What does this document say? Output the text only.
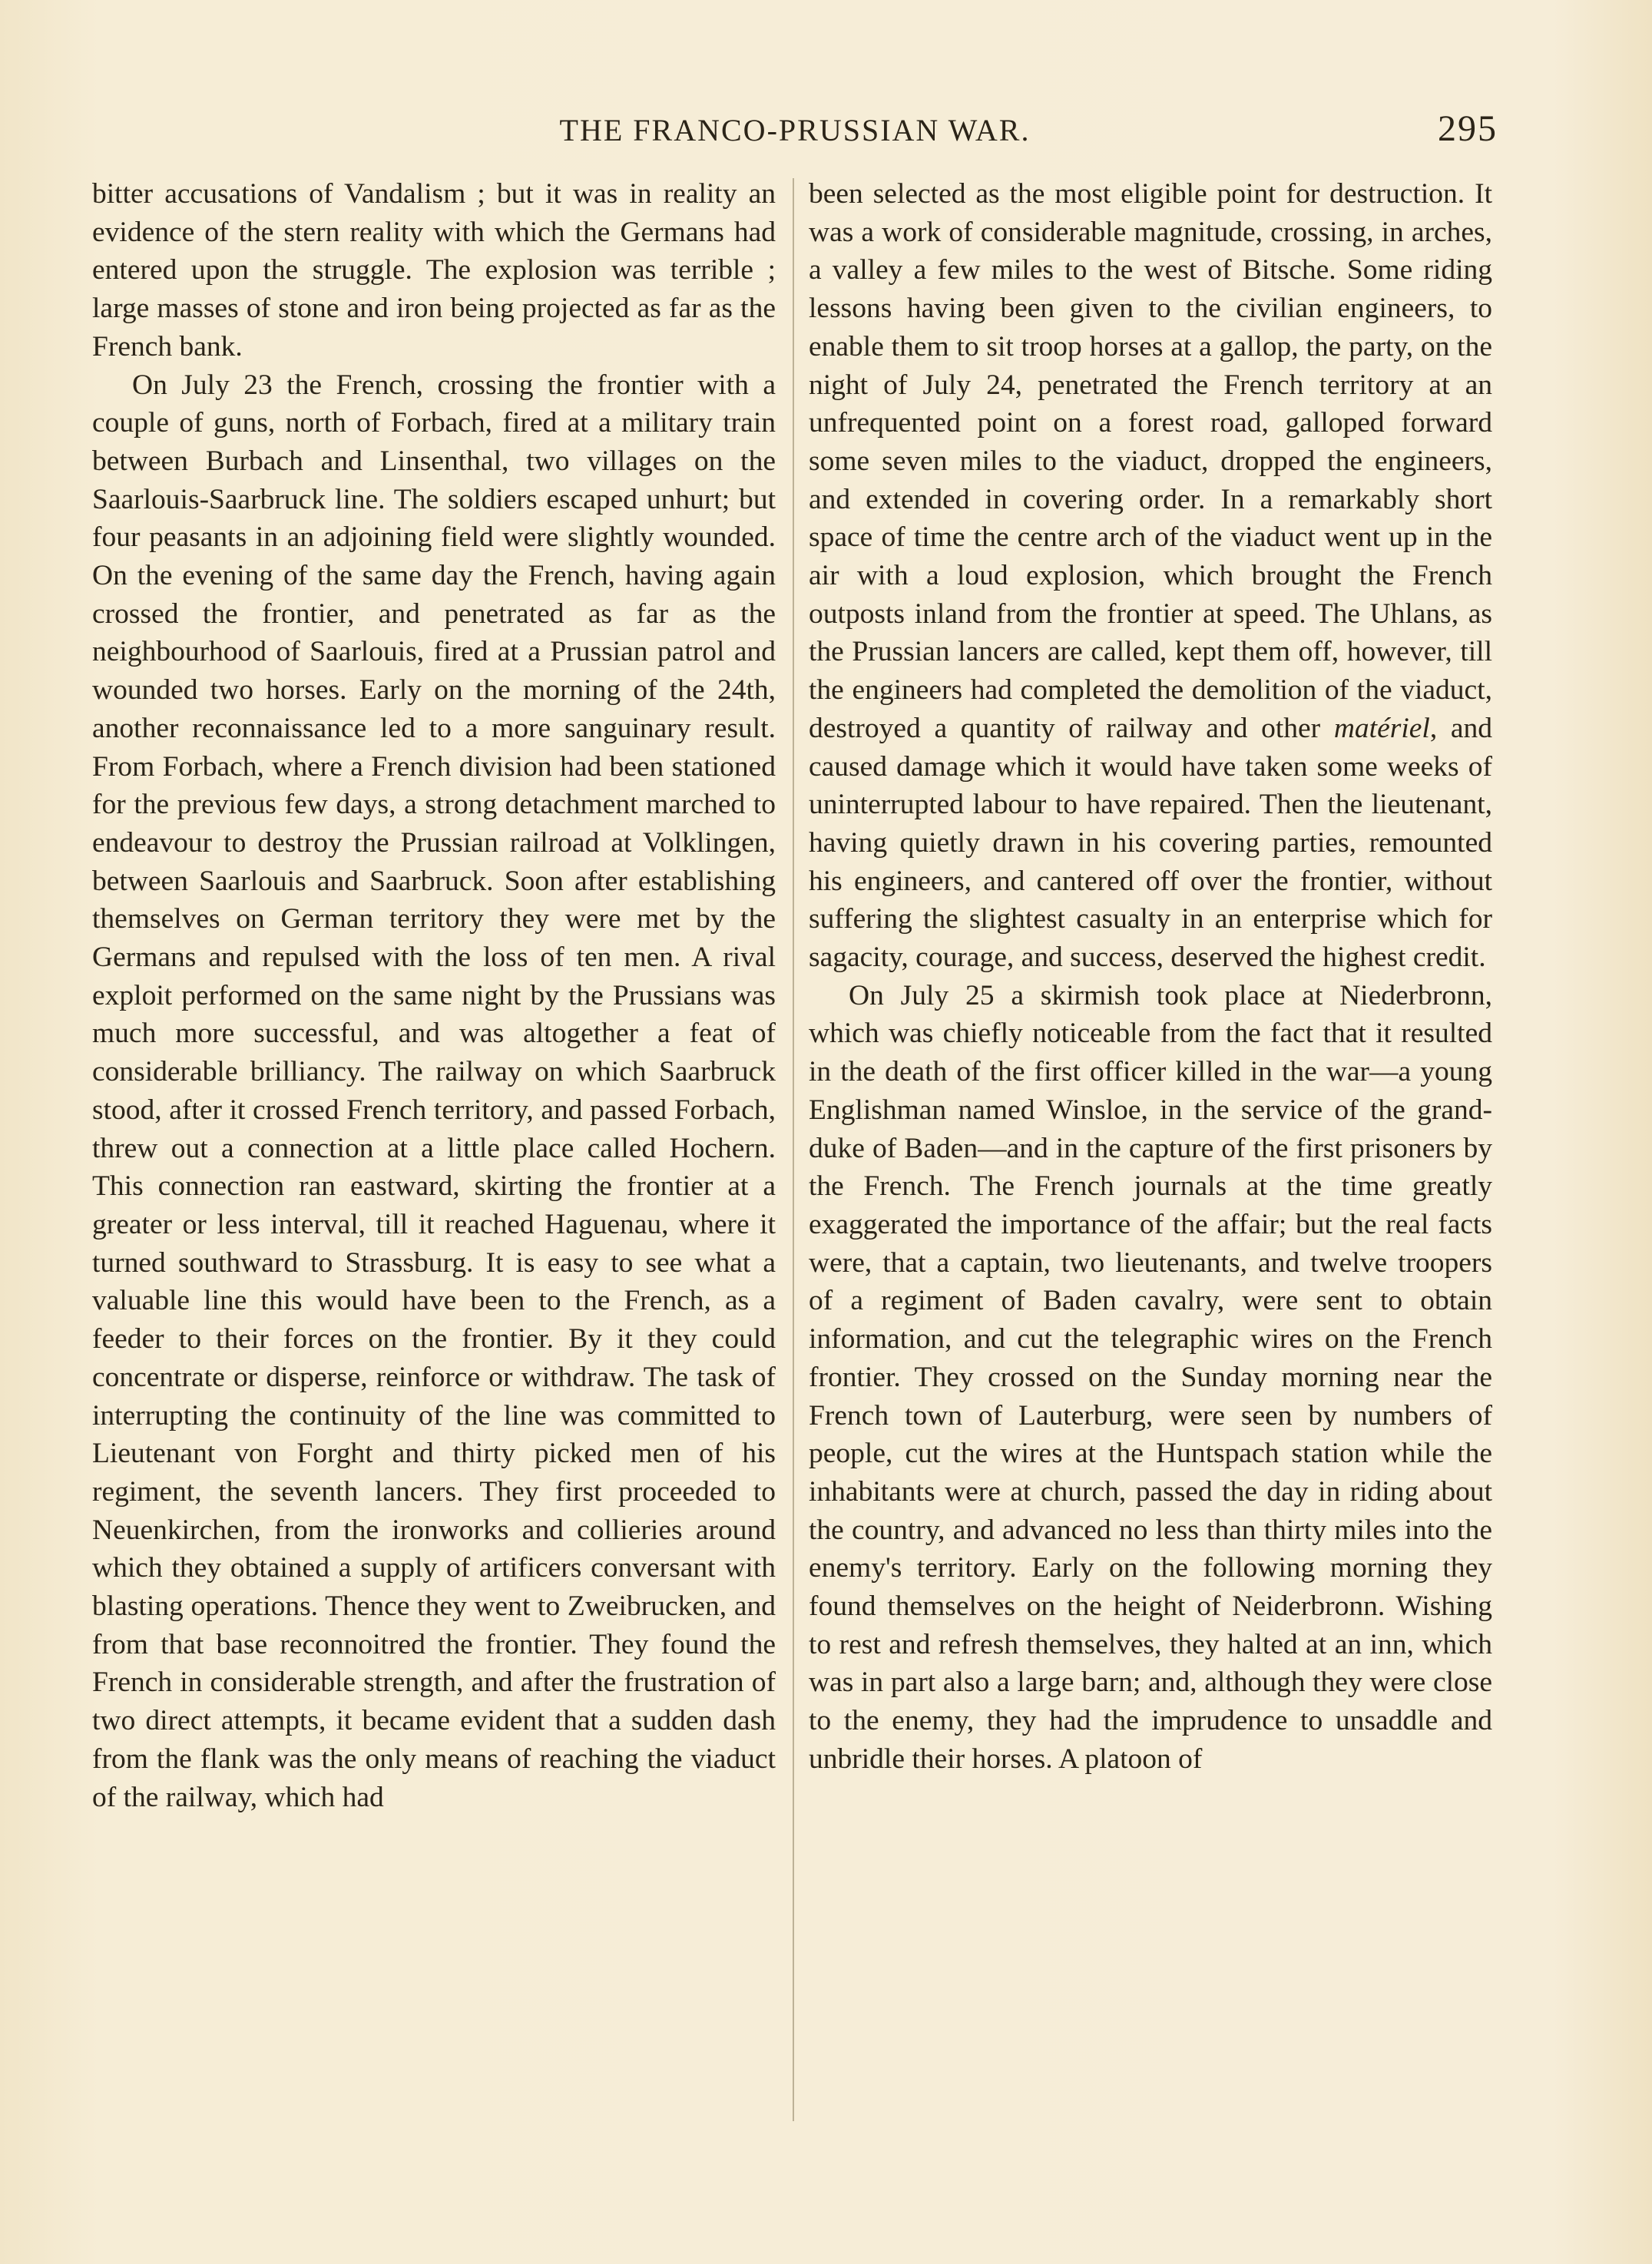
THE FRANCO-PRUSSIAN WAR.	295

bitter accusations of Vandalism ; but it was in reality an evidence of the stern reality with which the Germans had entered upon the struggle. The explosion was terrible ; large masses of stone and iron being projected as far as the French bank.

On July 23 the French, crossing the frontier with a couple of guns, north of Forbach, fired at a military train between Burbach and Linsenthal, two villages on the Saarlouis-Saarbruck line. The soldiers escaped unhurt; but four peasants in an adjoining field were slightly wounded. On the evening of the same day the French, having again crossed the frontier, and penetrated as far as the neighbourhood of Saarlouis, fired at a Prussian patrol and wounded two horses. Early on the morning of the 24th, another reconnaissance led to a more sanguinary result. From Forbach, where a French division had been stationed for the previous few days, a strong detachment marched to endeavour to destroy the Prussian railroad at Volklingen, between Saarlouis and Saarbruck. Soon after establishing themselves on German territory they were met by the Germans and repulsed with the loss of ten men. A rival exploit performed on the same night by the Prussians was much more successful, and was altogether a feat of considerable brilliancy. The railway on which Saarbruck stood, after it crossed French territory, and passed Forbach, threw out a connection at a little place called Hochern. This connection ran eastward, skirting the frontier at a greater or less interval, till it reached Haguenau, where it turned southward to Strassburg. It is easy to see what a valuable line this would have been to the French, as a feeder to their forces on the frontier. By it they could concentrate or disperse, reinforce or withdraw. The task of interrupting the continuity of the line was committed to Lieutenant von Forght and thirty picked men of his regiment, the seventh lancers. They first proceeded to Neuenkirchen, from the ironworks and collieries around which they obtained a supply of artificers conversant with blasting operations. Thence they went to Zweibrucken, and from that base reconnoitred the frontier. They found the French in considerable strength, and after the frustration of two direct attempts, it became evident that a sudden dash from the flank was the only means of reaching the viaduct of the railway, which had

been selected as the most eligible point for destruction. It was a work of considerable magnitude, crossing, in arches, a valley a few miles to the west of Bitsche. Some riding lessons having been given to the civilian engineers, to enable them to sit troop horses at a gallop, the party, on the night of July 24, penetrated the French territory at an unfrequented point on a forest road, galloped forward some seven miles to the viaduct, dropped the engineers, and extended in covering order. In a remarkably short space of time the centre arch of the viaduct went up in the air with a loud explosion, which brought the French outposts inland from the frontier at speed. The Uhlans, as the Prussian lancers are called, kept them off, however, till the engineers had completed the demolition of the viaduct, destroyed a quantity of railway and other matériel, and caused damage which it would have taken some weeks of uninterrupted labour to have repaired. Then the lieutenant, having quietly drawn in his covering parties, remounted his engineers, and cantered off over the frontier, without suffering the slightest casualty in an enterprise which for sagacity, courage, and success, deserved the highest credit.

On July 25 a skirmish took place at Niederbronn, which was chiefly noticeable from the fact that it resulted in the death of the first officer killed in the war—a young Englishman named Winsloe, in the service of the grand-duke of Baden—and in the capture of the first prisoners by the French. The French journals at the time greatly exaggerated the importance of the affair; but the real facts were, that a captain, two lieutenants, and twelve troopers of a regiment of Baden cavalry, were sent to obtain information, and cut the telegraphic wires on the French frontier. They crossed on the Sunday morning near the French town of Lauterburg, were seen by numbers of people, cut the wires at the Huntspach station while the inhabitants were at church, passed the day in riding about the country, and advanced no less than thirty miles into the enemy's territory. Early on the following morning they found themselves on the height of Neiderbronn. Wishing to rest and refresh themselves, they halted at an inn, which was in part also a large barn; and, although they were close to the enemy, they had the imprudence to unsaddle and unbridle their horses. A platoon of
